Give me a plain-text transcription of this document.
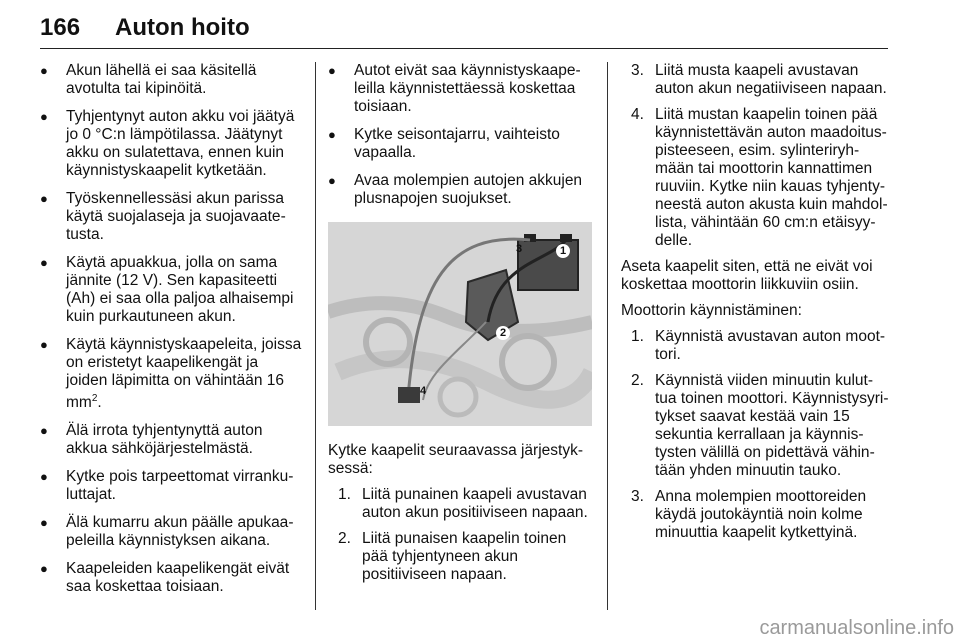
166 Auton hoito
● Akun lähellä ei saa käsitellä avotulta tai kipinöitä.
● Tyhjentynyt auton akku voi jäätyä jo 0 °C:n lämpötilassa. Jäätynyt akku on sulatettava, ennen kuin käynnistyskaapelit kytketään.
● Työskennellessäsi akun parissa käytä suojalaseja ja suojavaatetusta.
● Käytä apuakkua, jolla on sama jännite (12 V). Sen kapasiteetti (Ah) ei saa olla paljoa alhaisempi kuin purkautuneen akun.
● Käytä käynnistyskaapeleita, joissa on eristetyt kaapelikengät ja joiden läpimitta on vähintään 16 $mm^2$.
● Älä irrota tyhjentynyttä auton akkua sähköjärjestelmästä.
● Kytke pois tarpeettomat virrankuluttajat.
● Älä kumarru akun päälle apukaapeleilla käynnistyksen aikana.
● Kaapeleiden kaapelikengät eivät saa koskettaa toisiaan.
● Autot eivät saa käynnistyskaapeleilla käynnistettäessä koskettaa toisiaan.
● Kytke seisontajarru, vaihteisto vapaalla.
● Avaa molempien autojen akkujen plusnapojen suojukset.
3	1
2
4

Kytke kaapelit seuraavassa järjestyksessä:

1. Liitä punainen kaapeli avustavan auton akun positiiviseen napaan.
2. Liitä punaisen kaapelin toinen pää tyhjentyneen akun positiiviseen napaan.
3. Liitä musta kaapeli avustavan auton akun negatiiviseen napaan.
4. Liitä mustan kaapelin toinen pää käynnistettävän auton maadoituspisteeseen, esim. sylinteriryhmään tai moottorin kannattimen ruuviin. Kytke niin kauas tyhjentyneestä auton akusta kuin mahdollista, vähintään 60 cm:n etäisyydelle.

Aseta kaapelit siten, että ne eivät voi koskettaa moottorin liikkuviin osiin.

Moottorin käynnistäminen:

1. Käynnistä avustavan auton moottori.
2. Käynnistä viiden minuutin kuluttua toinen moottori. Käynnistysyritykset saavat kestää vain 15 sekuntia kerrallaan ja käynnistysten välillä on pidettävä vähintään yhden minuutin tauko.
3. Anna molempien moottoreiden käydä joutokäyntiä noin kolme minuuttia kaapelit kytkettyinä.
carmanualsonline.info
